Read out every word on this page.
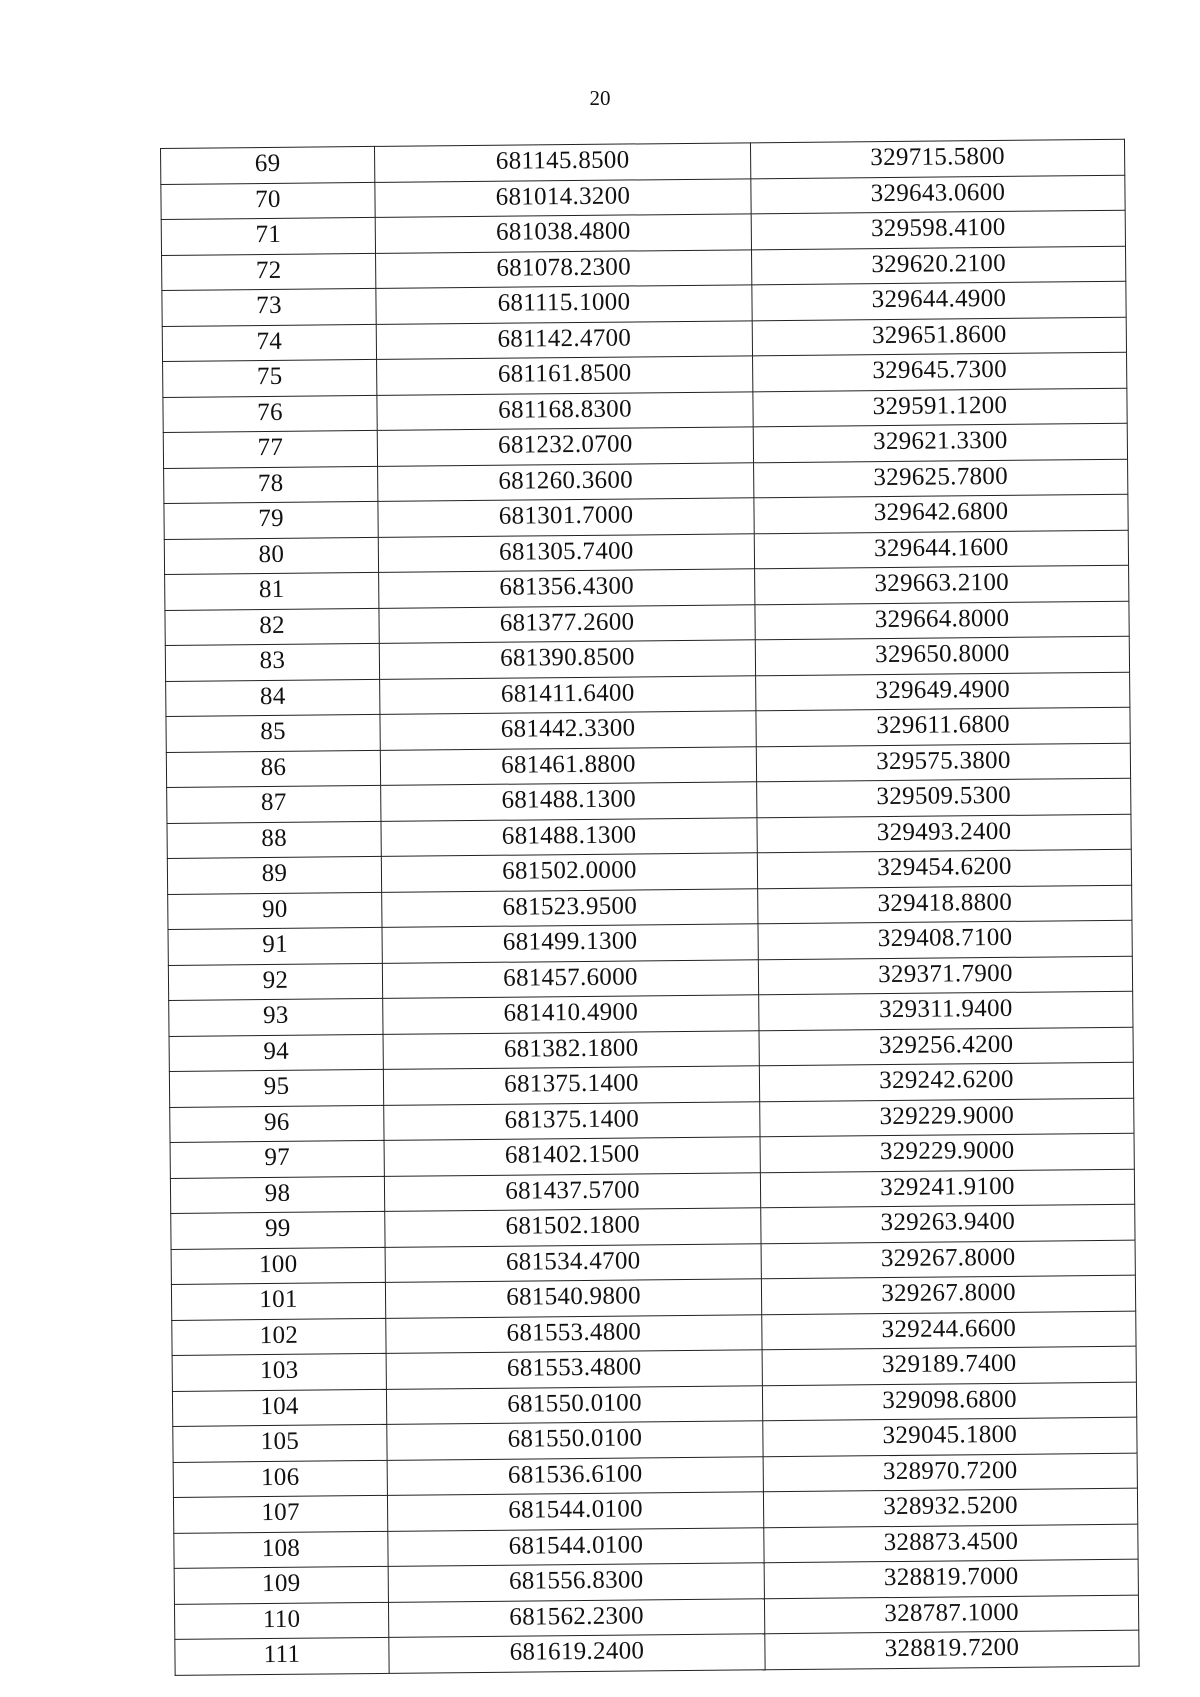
20
69	681145.8500	329715.5800
70	681014.3200	329643.0600
71	681038.4800	329598.4100
72	681078.2300	329620.2100
73	681115.1000	329644.4900
74	681142.4700	329651.8600
75	681161.8500	329645.7300
76	681168.8300	329591.1200
77	681232.0700	329621.3300
78	681260.3600	329625.7800
79	681301.7000	329642.6800
80	681305.7400	329644.1600
81	681356.4300	329663.2100
82	681377.2600	329664.8000
83	681390.8500	329650.8000
84	681411.6400	329649.4900
85	681442.3300	329611.6800
86	681461.8800	329575.3800
87	681488.1300	329509.5300
88	681488.1300	329493.2400
89	681502.0000	329454.6200
90	681523.9500	329418.8800
91	681499.1300	329408.7100
92	681457.6000	329371.7900
93	681410.4900	329311.9400
94	681382.1800	329256.4200
95	681375.1400	329242.6200
96	681375.1400	329229.9000
97	681402.1500	329229.9000
98	681437.5700	329241.9100
99	681502.1800	329263.9400
100	681534.4700	329267.8000
101	681540.9800	329267.8000
102	681553.4800	329244.6600
103	681553.4800	329189.7400
104	681550.0100	329098.6800
105	681550.0100	329045.1800
106	681536.6100	328970.7200
107	681544.0100	328932.5200
108	681544.0100	328873.4500
109	681556.8300	328819.7000
110	681562.2300	328787.1000
111	681619.2400	328819.7200
